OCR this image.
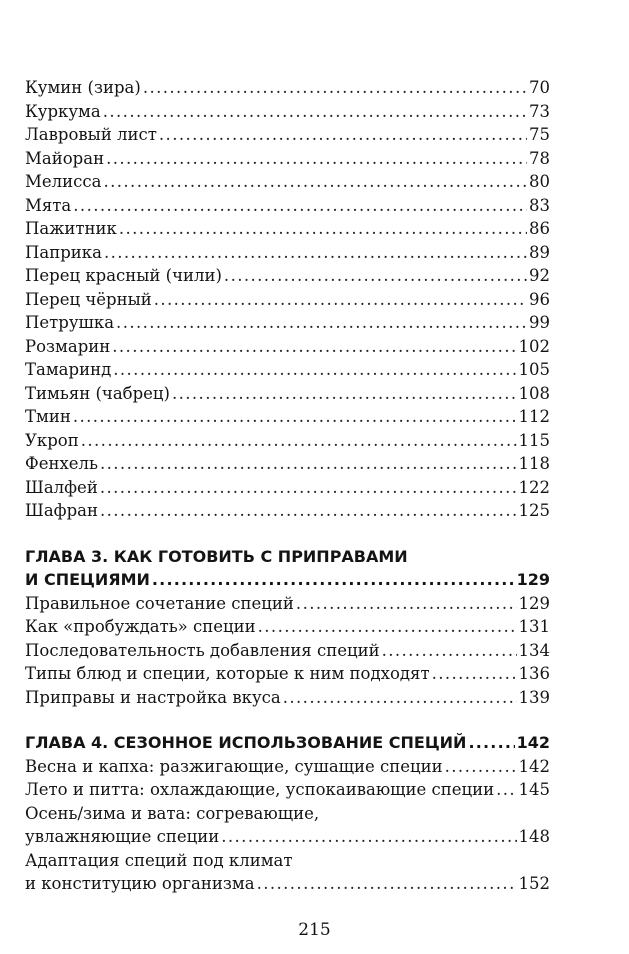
Кумин (зира) .....	70
Куркума .....	73
Лавровый лист .....	75
Майоран .....	78
Мелисса .....	80
Мята .....	83
Пажитник .....	86
Паприка .....	89
Перец красный (чили) .....	92
Перец чёрный .....	96
Петрушка .....	99
Розмарин .....	102
Тамаринд .....	105
Тимьян (чабрец) .....	108
Тмин .....	112
Укроп .....	115
Фенхель .....	118
Шалфей .....	122
Шафран .....	125
ГЛАВА 3. КАК ГОТОВИТЬ С ПРИПРАВАМИ
И СПЕЦИЯМИ .....	129
Правильное сочетание специй .....	129
Как «пробуждать» специи .....	131
Последовательность добавления специй .....	134
Типы блюд и специи, которые к ним подходят .....	136
Приправы и настройка вкуса .....	139
ГЛАВА 4. СЕЗОННОЕ ИСПОЛЬЗОВАНИЕ СПЕЦИЙ .....	142
Весна и капха: разжигающие, сушащие специи .....	142
Лето и питта: охлаждающие, успокаивающие специи ..... 145
Осень/зима и вата: согревающие,
увлажняющие специи .....	148
Адаптация специй под климат
и конституцию организма .....	152
215
